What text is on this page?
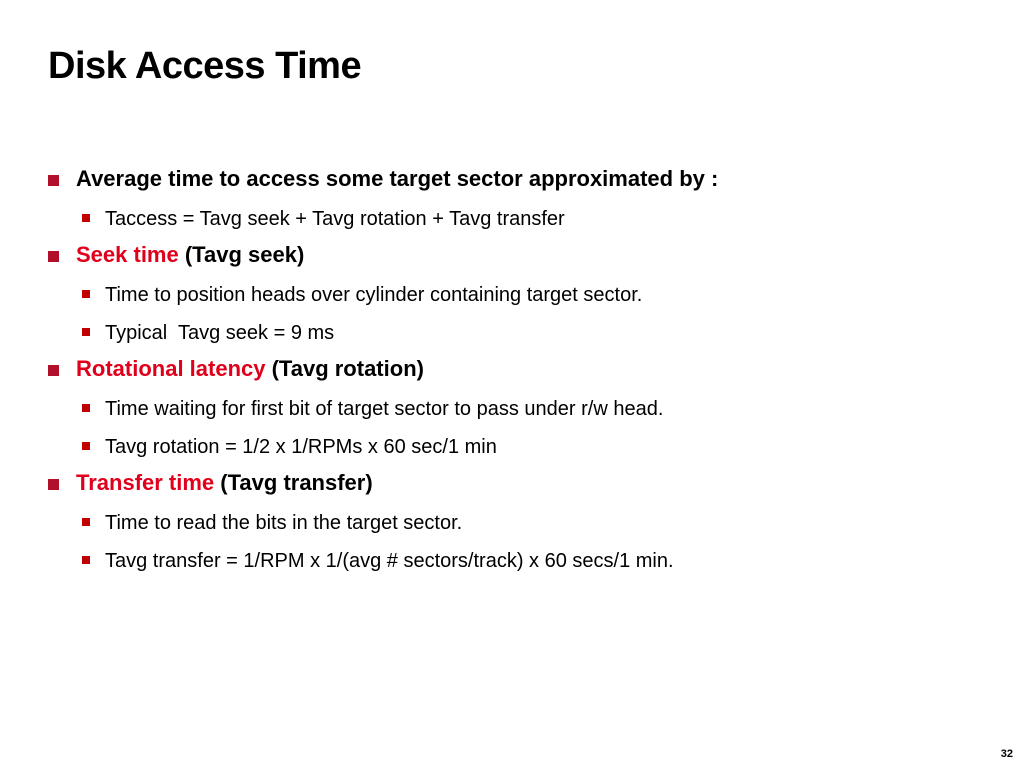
Disk Access Time
Average time to access some target sector approximated by :
Taccess = Tavg seek + Tavg rotation + Tavg transfer
Seek time (Tavg seek)
Time to position heads over cylinder containing target sector.
Typical  Tavg seek = 9 ms
Rotational latency (Tavg rotation)
Time waiting for first bit of target sector to pass under r/w head.
Tavg rotation = 1/2 x 1/RPMs x 60 sec/1 min
Transfer time (Tavg transfer)
Time to read the bits in the target sector.
Tavg transfer = 1/RPM x 1/(avg # sectors/track) x 60 secs/1 min.
32
